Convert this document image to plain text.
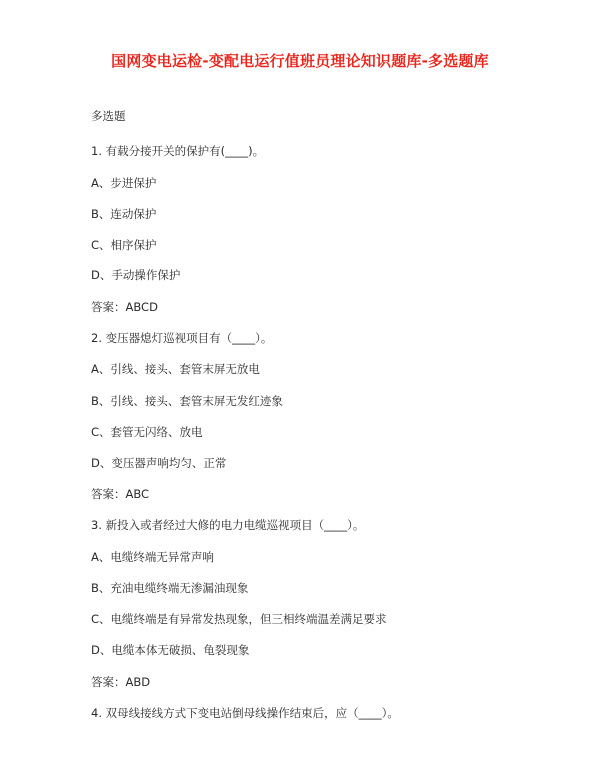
国网变电运检-变配电运行值班员理论知识题库-多选题库
多选题
1. 有载分接开关的保护有(____)。
A、步进保护
B、连动保护
C、相序保护
D、手动操作保护
答案：ABCD
2. 变压器熄灯巡视项目有（____）。
A、引线、接头、套管末屏无放电
B、引线、接头、套管末屏无发红迹象
C、套管无闪络、放电
D、变压器声响均匀、正常
答案：ABC
3. 新投入或者经过大修的电力电缆巡视项目（____）。
A、电缆终端无异常声响
B、充油电缆终端无渗漏油现象
C、电缆终端是有异常发热现象，但三相终端温差满足要求
D、电缆本体无破损、龟裂现象
答案：ABD
4. 双母线接线方式下变电站倒母线操作结束后，应（____）。
